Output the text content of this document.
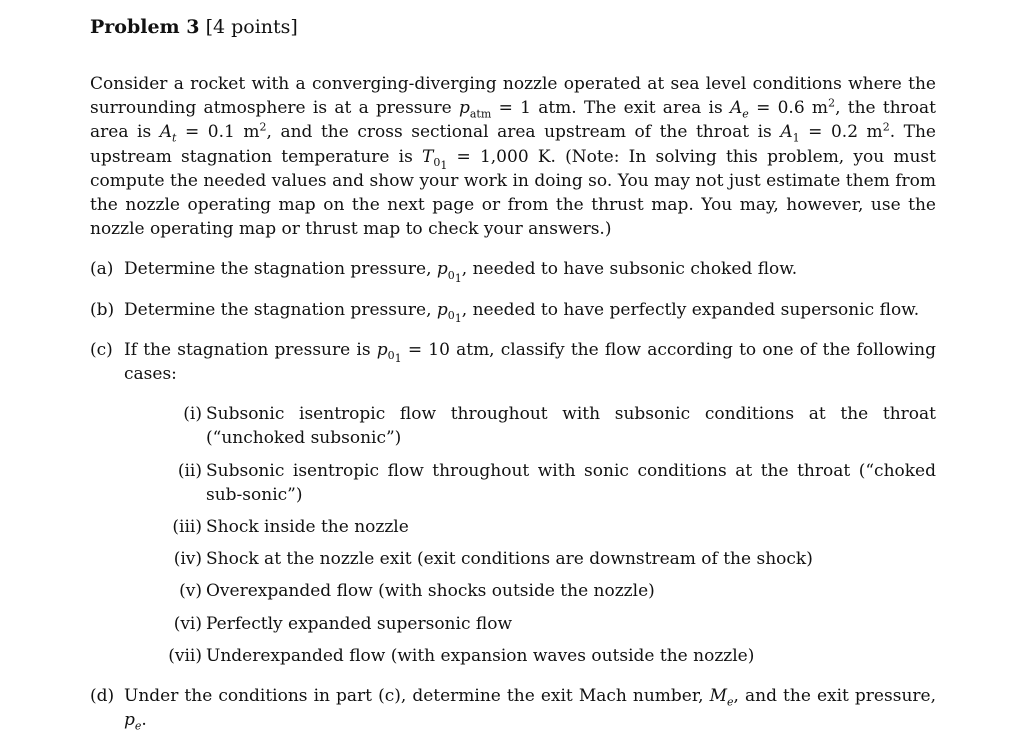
Problem 3 [4 points]

Consider a rocket with a converging-diverging nozzle operated at sea level conditions where the surrounding atmosphere is at a pressure $p_{atm} = 1$ atm. The exit area is $A_e = 0.6$ $m^2$, the throat area is $A_t = 0.1$ $m^2$, and the cross sectional area upstream of the throat is $A_1 = 0.2$ $m^2$. The upstream stagnation temperature is $T_{0_1} = 1,000$ K. (Note: In solving this problem, you must compute the needed values and show your work in doing so. You may not just estimate them from the nozzle operating map on the next page or from the thrust map. You may, however, use the nozzle operating map or thrust map to check your answers.)
(a) Determine the stagnation pressure, $p_{0_1}$, needed to have subsonic choked flow.
(b) Determine the stagnation pressure, $p_{0_1}$, needed to have perfectly expanded supersonic flow.
(c) If the stagnation pressure is $p_{0_1} = 10$ atm, classify the flow according to one of the following cases:
(i) Subsonic isentropic flow throughout with subsonic conditions at the throat (“unchoked subsonic”)
(ii) Subsonic isentropic flow throughout with sonic conditions at the throat (“choked sub-sonic”)
(iii) Shock inside the nozzle
(iv) Shock at the nozzle exit (exit conditions are downstream of the shock)
(v) Overexpanded flow (with shocks outside the nozzle)
(vi) Perfectly expanded supersonic flow
(vii) Underexpanded flow (with expansion waves outside the nozzle)
(d) Under the conditions in part (c), determine the exit Mach number, $M_e$, and the exit pressure, $p_e$.
